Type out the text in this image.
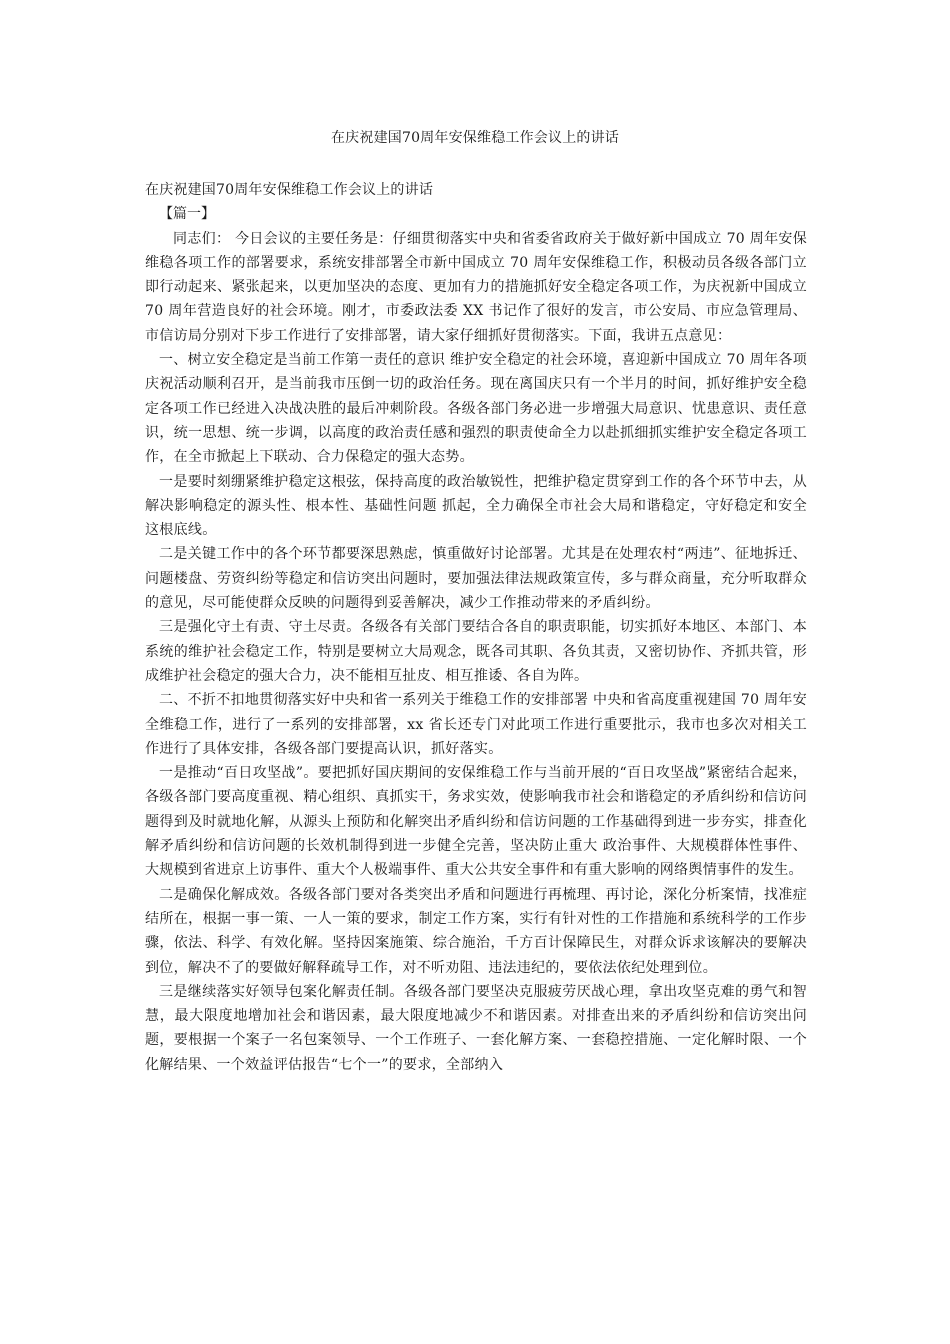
在庆祝建国70周年安保维稳工作会议上的讲话

在庆祝建国70周年安保维稳工作会议上的讲话

【篇一】

同志们： 今日会议的主要任务是：仔细贯彻落实中央和省委省政府关于做好新中国成立 70 周年安保维稳各项工作的部署要求，系统安排部署全市新中国成立 70 周年安保维稳工作，积极动员各级各部门立即行动起来、紧张起来，以更加坚决的态度、更加有力的措施抓好安全稳定各项工作，为庆祝新中国成立 70 周年营造良好的社会环境。刚才，市委政法委 XX 书记作了很好的发言，市公安局、市应急管理局、市信访局分别对下步工作进行了安排部署，请大家仔细抓好贯彻落实。下面，我讲五点意见：

一、树立安全稳定是当前工作第一责任的意识 维护安全稳定的社会环境，喜迎新中国成立 70 周年各项庆祝活动顺利召开，是当前我市压倒一切的政治任务。现在离国庆只有一个半月的时间，抓好维护安全稳定各项工作已经进入决战决胜的最后冲刺阶段。各级各部门务必进一步增强大局意识、忧患意识、责任意识，统一思想、统一步调，以高度的政治责任感和强烈的职责使命全力以赴抓细抓实维护安全稳定各项工作，在全市掀起上下联动、合力保稳定的强大态势。

一是要时刻绷紧维护稳定这根弦，保持高度的政治敏锐性，把维护稳定贯穿到工作的各个环节中去，从解决影响稳定的源头性、根本性、基础性问题 抓起，全力确保全市社会大局和谐稳定，守好稳定和安全这根底线。

二是关键工作中的各个环节都要深思熟虑，慎重做好讨论部署。尤其是在处理农村“两违”、征地拆迁、问题楼盘、劳资纠纷等稳定和信访突出问题时，要加强法律法规政策宣传，多与群众商量，充分听取群众的意见，尽可能使群众反映的问题得到妥善解决，减少工作推动带来的矛盾纠纷。

三是强化守土有责、守土尽责。各级各有关部门要结合各自的职责职能，切实抓好本地区、本部门、本系统的维护社会稳定工作，特别是要树立大局观念，既各司其职、各负其责，又密切协作、齐抓共管，形成维护社会稳定的强大合力，决不能相互扯皮、相互推诿、各自为阵。

二、不折不扣地贯彻落实好中央和省一系列关于维稳工作的安排部署 中央和省高度重视建国 70 周年安全维稳工作，进行了一系列的安排部署，xx 省长还专门对此项工作进行重要批示，我市也多次对相关工作进行了具体安排，各级各部门要提高认识，抓好落实。

一是推动“百日攻坚战”。要把抓好国庆期间的安保维稳工作与当前开展的“百日攻坚战”紧密结合起来，各级各部门要高度重视、精心组织、真抓实干，务求实效，使影响我市社会和谐稳定的矛盾纠纷和信访问题得到及时就地化解，从源头上预防和化解突出矛盾纠纷和信访问题的工作基础得到进一步夯实，排查化解矛盾纠纷和信访问题的长效机制得到进一步健全完善，坚决防止重大 政治事件、大规模群体性事件、大规模到省进京上访事件、重大个人极端事件、重大公共安全事件和有重大影响的网络舆情事件的发生。

二是确保化解成效。各级各部门要对各类突出矛盾和问题进行再梳理、再讨论，深化分析案情，找准症结所在，根据一事一策、一人一策的要求，制定工作方案，实行有针对性的工作措施和系统科学的工作步骤，依法、科学、有效化解。坚持因案施策、综合施治，千方百计保障民生，对群众诉求该解决的要解决到位，解决不了的要做好解释疏导工作，对不听劝阻、违法违纪的，要依法依纪处理到位。

三是继续落实好领导包案化解责任制。各级各部门要坚决克服疲劳厌战心理，拿出攻坚克难的勇气和智慧，最大限度地增加社会和谐因素，最大限度地减少不和谐因素。对排查出来的矛盾纠纷和信访突出问题，要根据一个案子一名包案领导、一个工作班子、一套化解方案、一套稳控措施、一定化解时限、一个化解结果、一个效益评估报告“七个一”的要求，全部纳入
